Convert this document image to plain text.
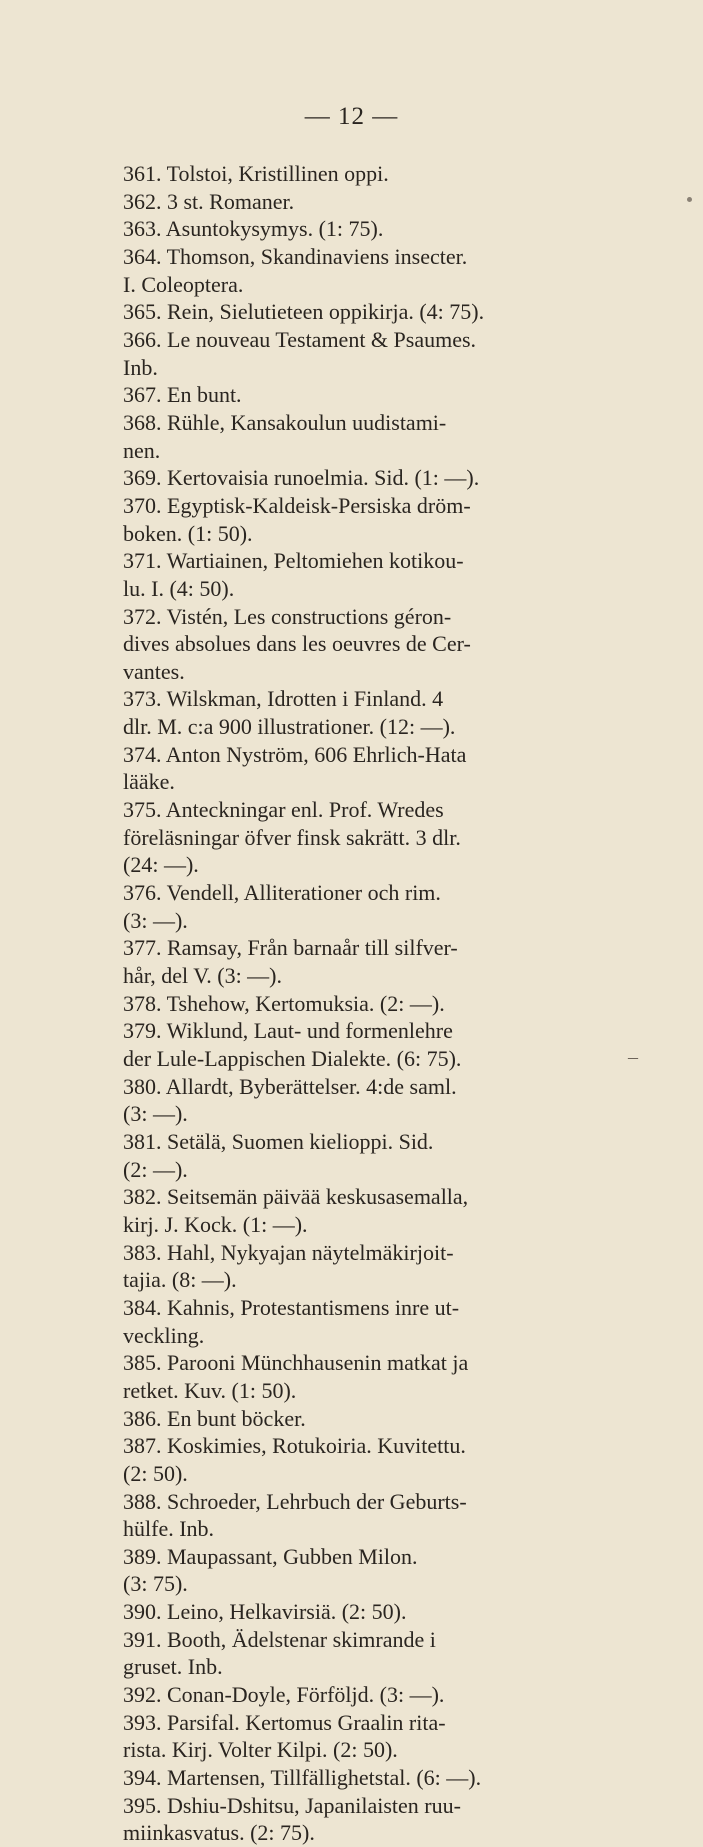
— 12 —
361. Tolstoi, Kristillinen oppi.
362. 3 st. Romaner.
363. Asuntokysymys. (1: 75).
364. Thomson, Skandinaviens insecter.
I. Coleoptera.
365. Rein, Sielutieteen oppikirja. (4: 75).
366. Le nouveau Testament & Psaumes.
Inb.
367. En bunt.
368. Rühle, Kansakoulun uudistami-
nen.
369. Kertovaisia runoelmia. Sid. (1: —).
370. Egyptisk-Kaldeisk-Persiska dröm-
boken. (1: 50).
371. Wartiainen, Peltomiehen kotikou-
lu. I. (4: 50).
372. Vistén, Les constructions géron-
dives absolues dans les oeuvres de Cer-
vantes.
373. Wilskman, Idrotten i Finland. 4
dlr. M. c:a 900 illustrationer. (12: —).
374. Anton Nyström, 606 Ehrlich-Hata
lääke.
375. Anteckningar enl. Prof. Wredes
föreläsningar öfver finsk sakrätt. 3 dlr.
(24: —).
376. Vendell, Alliterationer och rim.
(3: —).
377. Ramsay, Från barnaår till silfver-
hår, del V. (3: —).
378. Tshehow, Kertomuksia. (2: —).
379. Wiklund, Laut- und formenlehre
der Lule-Lappischen Dialekte. (6: 75).
380. Allardt, Byberättelser. 4:de saml.
(3: —).
381. Setälä, Suomen kielioppi. Sid.
(2: —).
382. Seitsemän päivää keskusasemalla,
kirj. J. Kock. (1: —).
383. Hahl, Nykyajan näytelmäkirjoit-
tajia. (8: —).
384. Kahnis, Protestantismens inre ut-
veckling.
385. Parooni Münchhausenin matkat ja
retket. Kuv. (1: 50).
386. En bunt böcker.
387. Koskimies, Rotukoiria. Kuvitettu.
(2: 50).
388. Schroeder, Lehrbuch der Geburts-
hülfe. Inb.
389. Maupassant, Gubben Milon.
(3: 75).
390. Leino, Helkavirsiä. (2: 50).
391. Booth, Ädelstenar skimrande i
gruset. Inb.
392. Conan-Doyle, Förföljd. (3: —).
393. Parsifal. Kertomus Graalin rita-
rista. Kirj. Volter Kilpi. (2: 50).
394. Martensen, Tillfällighetstal. (6: —).
395. Dshiu-Dshitsu, Japanilaisten ruu-
miinkasvatus. (2: 75).
–
